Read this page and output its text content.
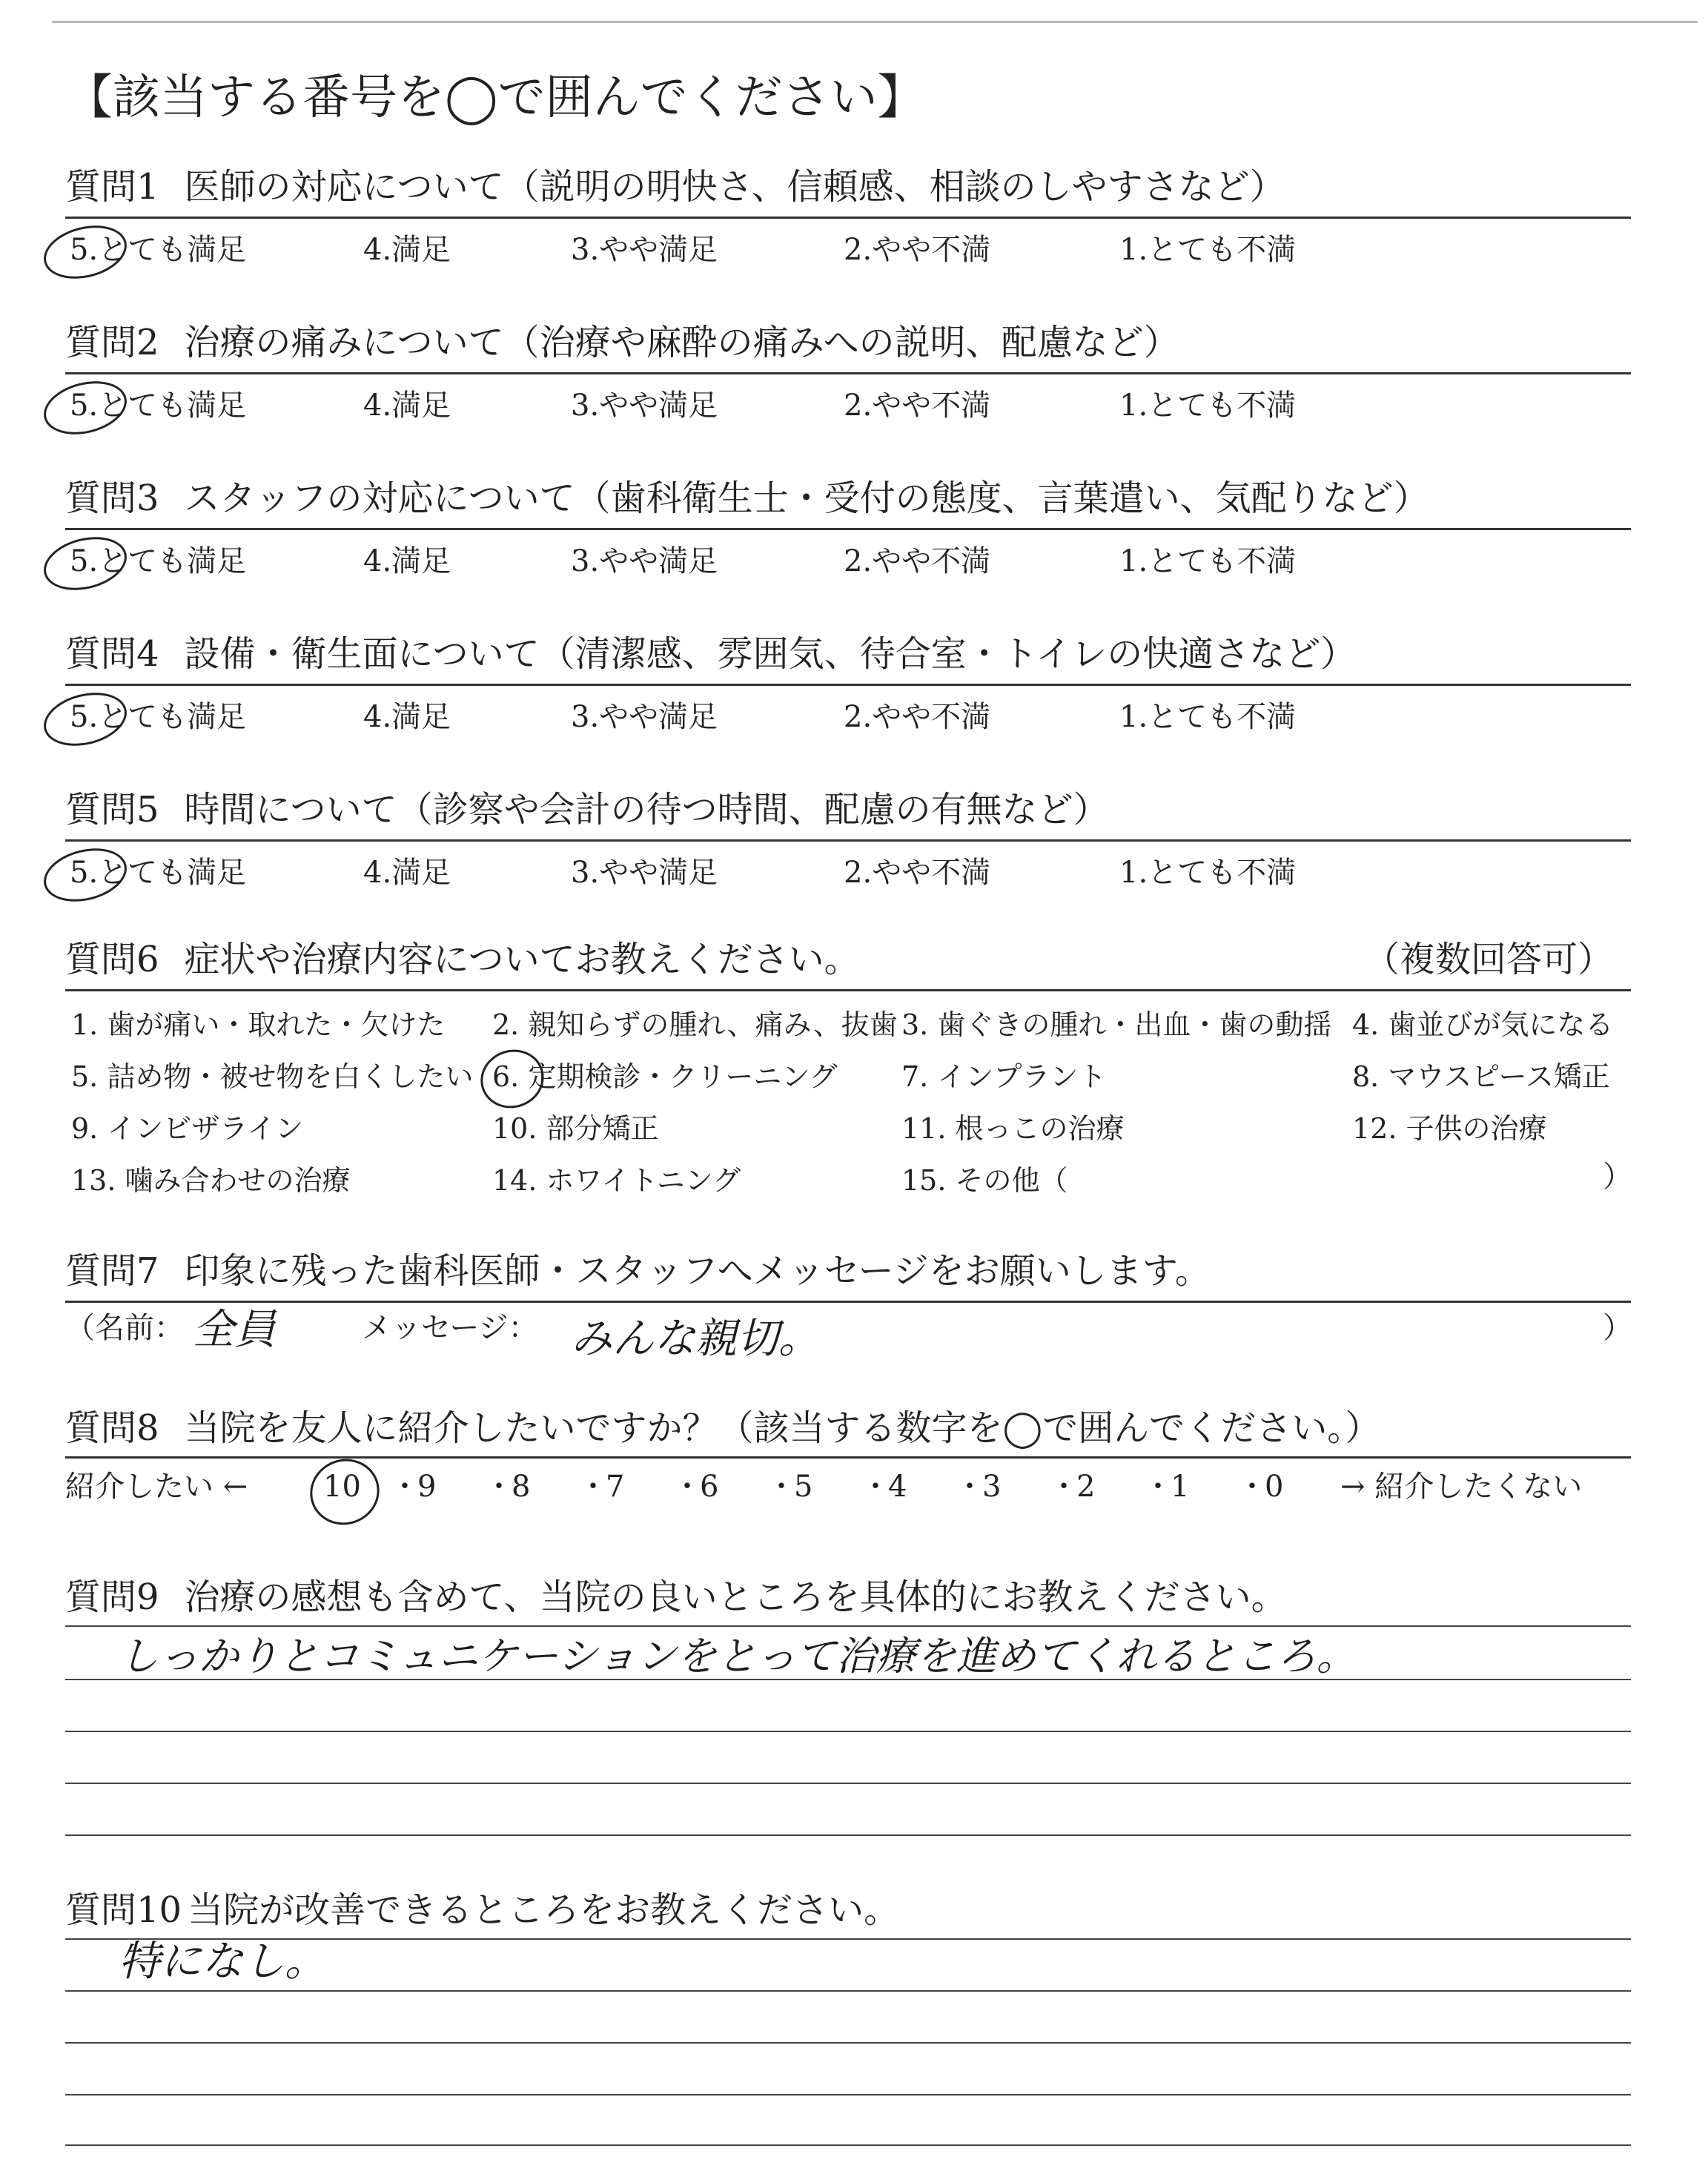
【該当する番号を◯で囲んでください】
質問1 医師の対応について（説明の明快さ、信頼感、相談のしやすさなど）
5.とても満足	4.満足	3.やや満足	2.やや不満	1.とても不満
質問2 治療の痛みについて（治療や麻酔の痛みへの説明、配慮など）
5.とても満足	4.満足	3.やや満足	2.やや不満	1.とても不満
質問3 スタッフの対応について（歯科衛生士・受付の態度、言葉遣い、気配りなど）
5.とても満足	4.満足	3.やや満足	2.やや不満	1.とても不満
質問4 設備・衛生面について（清潔感、雰囲気、待合室・トイレの快適さなど）
5.とても満足	4.満足	3.やや満足	2.やや不満	1.とても不満
質問5 時間について（診察や会計の待つ時間、配慮の有無など）
5.とても満足	4.満足	3.やや満足	2.やや不満	1.とても不満
質問6 症状や治療内容についてお教えください。	（複数回答可）
1. 歯が痛い・取れた・欠けた 2. 親知らずの腫れ、痛み、抜歯 3. 歯ぐきの腫れ・出血・歯の動揺 4. 歯並びが気になる
5. 詰め物・被せ物を白くしたい 6. 定期検診・クリーニング 7. インプラント	8. マウスピース矯正
9. インビザライン	10. 部分矯正	11. 根っこの治療	12. 子供の治療
13. 噛み合わせの治療	14. ホワイトニング	15. その他（	）
質問7 印象に残った歯科医師・スタッフへメッセージをお願いします。
（名前： 全員	メッセージ： みんな親切。	）
質問8 当院を友人に紹介したいですか？（該当する数字を◯で囲んでください。）
紹介したい ←	10 ・
9 ・
8 ・
7 ・
6 ・
5 ・
4 ・
3 ・
2 ・
1 ・
0 → 紹介したくない
質問9 治療の感想も含めて、当院の良いところを具体的にお教えください。
しっかりとコミュニケーションをとって治療を進めてくれるところ。
質問10 当院が改善できるところをお教えください。
特になし。
